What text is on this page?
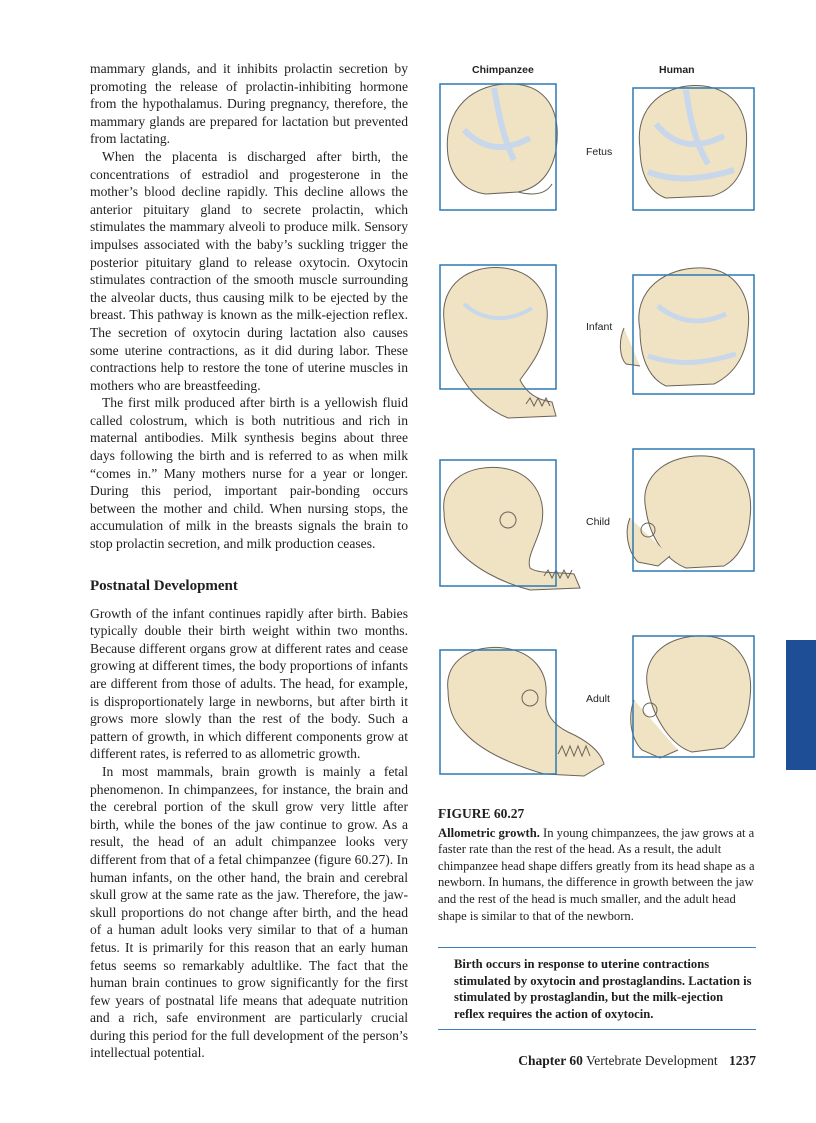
mammary glands, and it inhibits prolactin secretion by promoting the release of prolactin-inhibiting hormone from the hypothalamus. During pregnancy, therefore, the mammary glands are prepared for lactation but prevented from lactating.

When the placenta is discharged after birth, the concentrations of estradiol and progesterone in the mother’s blood decline rapidly. This decline allows the anterior pituitary gland to secrete prolactin, which stimulates the mammary alveoli to produce milk. Sensory impulses associated with the baby’s suckling trigger the posterior pituitary gland to release oxytocin. Oxytocin stimulates contraction of the smooth muscle surrounding the alveolar ducts, thus causing milk to be ejected by the breast. This pathway is known as the milk-ejection reflex. The secretion of oxytocin during lactation also causes some uterine contractions, as it did during labor. These contractions help to restore the tone of uterine muscles in mothers who are breastfeeding.

The first milk produced after birth is a yellowish fluid called colostrum, which is both nutritious and rich in maternal antibodies. Milk synthesis begins about three days following the birth and is referred to as when milk “comes in.” Many mothers nurse for a year or longer. During this period, important pair-bonding occurs between the mother and child. When nursing stops, the accumulation of milk in the breasts signals the brain to stop prolactin secretion, and milk production ceases.

Postnatal Development

Growth of the infant continues rapidly after birth. Babies typically double their birth weight within two months. Because different organs grow at different rates and cease growing at different times, the body proportions of infants are different from those of adults. The head, for example, is disproportionately large in newborns, but after birth it grows more slowly than the rest of the body. Such a pattern of growth, in which different components grow at different rates, is referred to as allometric growth.

In most mammals, brain growth is mainly a fetal phenomenon. In chimpanzees, for instance, the brain and the cerebral portion of the skull grow very little after birth, while the bones of the jaw continue to grow. As a result, the head of an adult chimpanzee looks very different from that of a fetal chimpanzee (figure 60.27). In human infants, on the other hand, the brain and cerebral skull grow at the same rate as the jaw. Therefore, the jaw-skull proportions do not change after birth, and the head of a human adult looks very similar to that of a human fetus. It is primarily for this reason that an early human fetus seems so remarkably adultlike. The fact that the human brain continues to grow significantly for the first few years of postnatal life means that adequate nutrition and a rich, safe environment are particularly crucial during this period for the full development of the person’s intellectual potential.

Chimpanzee	Human
Fetus
Infant
Child
Adult
FIGURE 60.27
Allometric growth. In young chimpanzees, the jaw grows at a faster rate than the rest of the head. As a result, the adult chimpanzee head shape differs greatly from its head shape as a newborn. In humans, the difference in growth between the jaw and the rest of the head is much smaller, and the adult head shape is similar to that of the newborn.
Birth occurs in response to uterine contractions stimulated by oxytocin and prostaglandins. Lactation is stimulated by prostaglandin, but the milk-ejection reflex requires the action of oxytocin.
Chapter 60 Vertebrate Development 1237
